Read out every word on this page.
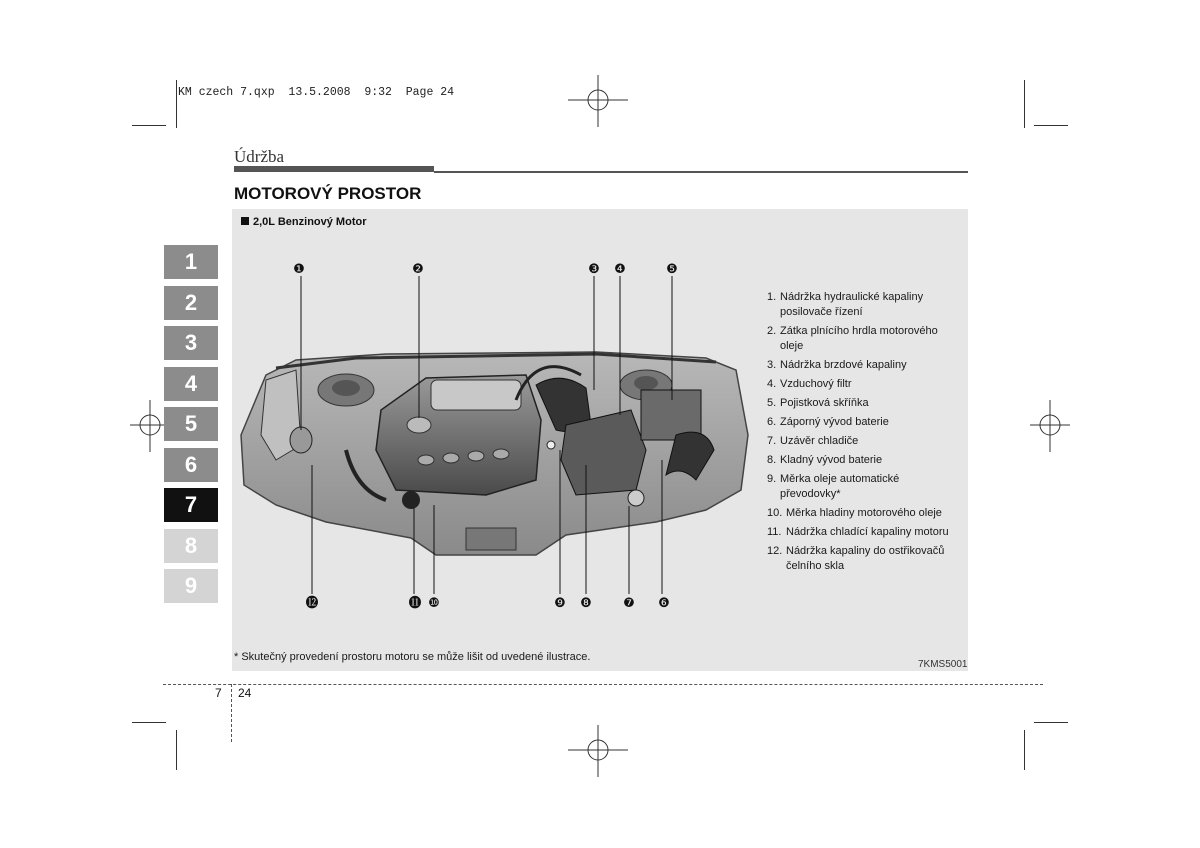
KM czech 7.qxp  13.5.2008  9:32  Page 24
Údržba
MOTOROVÝ PROSTOR
1
2
3
4
5
6
7
8
9
2,0L Benzinový Motor
❶	❷	❸ ❹	❺
⓬	⓫ ❿	❾ ❽ ❼ ❻
1. Nádržka hydraulické kapaliny posilovače řízení
2. Zátka plnícího hrdla motorového oleje
3. Nádržka brzdové kapaliny
4. Vzduchový filtr
5. Pojistková skříňka
6. Záporný vývod baterie
7. Uzávěr chladiče
8. Kladný vývod baterie
9. Měrka oleje automatické převodovky*
10. Měrka hladiny motorového oleje
11. Nádržka chladící kapaliny motoru
12. Nádržka kapaliny do ostřikovačů čelního skla
* Skutečný provedení prostoru motoru se může lišit od uvedené ilustrace.
7KMS5001
7 24
